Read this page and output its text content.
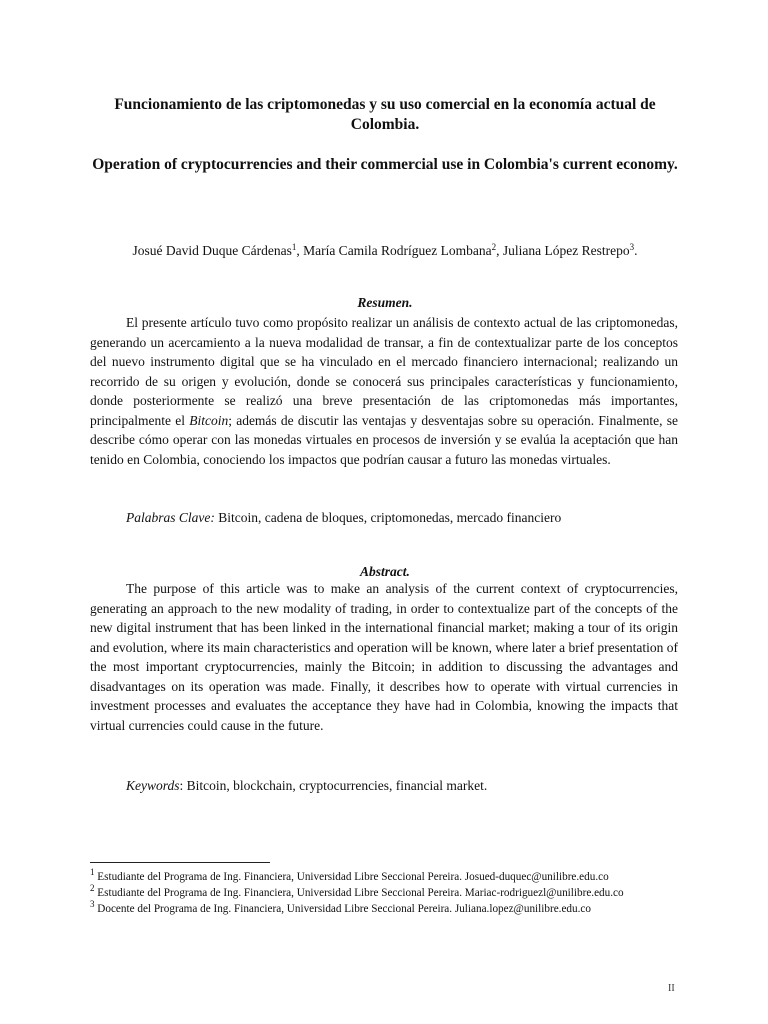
Funcionamiento de las criptomonedas y su uso comercial en la economía actual de Colombia.
Operation of cryptocurrencies and their commercial use in Colombia's current economy.
Josué David Duque Cárdenas$^1$, María Camila Rodríguez Lombana$^2$, Juliana López Restrepo$^3$.
Resumen.
El presente artículo tuvo como propósito realizar un análisis de contexto actual de las criptomonedas, generando un acercamiento a la nueva modalidad de transar, a fin de contextualizar parte de los conceptos del nuevo instrumento digital que se ha vinculado en el mercado financiero internacional; realizando un recorrido de su origen y evolución, donde se conocerá sus principales características y funcionamiento, donde posteriormente se realizó una breve presentación de las criptomonedas más importantes, principalmente el Bitcoin; además de discutir las ventajas y desventajas sobre su operación. Finalmente, se describe cómo operar con las monedas virtuales en procesos de inversión y se evalúa la aceptación que han tenido en Colombia, conociendo los impactos que podrían causar a futuro las monedas virtuales.
Palabras Clave: Bitcoin, cadena de bloques, criptomonedas, mercado financiero
Abstract.
The purpose of this article was to make an analysis of the current context of cryptocurrencies, generating an approach to the new modality of trading, in order to contextualize part of the concepts of the new digital instrument that has been linked in the international financial market; making a tour of its origin and evolution, where its main characteristics and operation will be known, where later a brief presentation of the most important cryptocurrencies, mainly the Bitcoin; in addition to discussing the advantages and disadvantages on its operation was made. Finally, it describes how to operate with virtual currencies in investment processes and evaluates the acceptance they have had in Colombia, knowing the impacts that virtual currencies could cause in the future.
Keywords: Bitcoin, blockchain, cryptocurrencies, financial market.

$^1$ Estudiante del Programa de Ing. Financiera, Universidad Libre Seccional Pereira. Josued-duquec@unilibre.edu.co

$^2$ Estudiante del Programa de Ing. Financiera, Universidad Libre Seccional Pereira. Mariac-rodriguezl@unilibre.edu.co

$^3$ Docente del Programa de Ing. Financiera, Universidad Libre Seccional Pereira. Juliana.lopez@unilibre.edu.co

II
